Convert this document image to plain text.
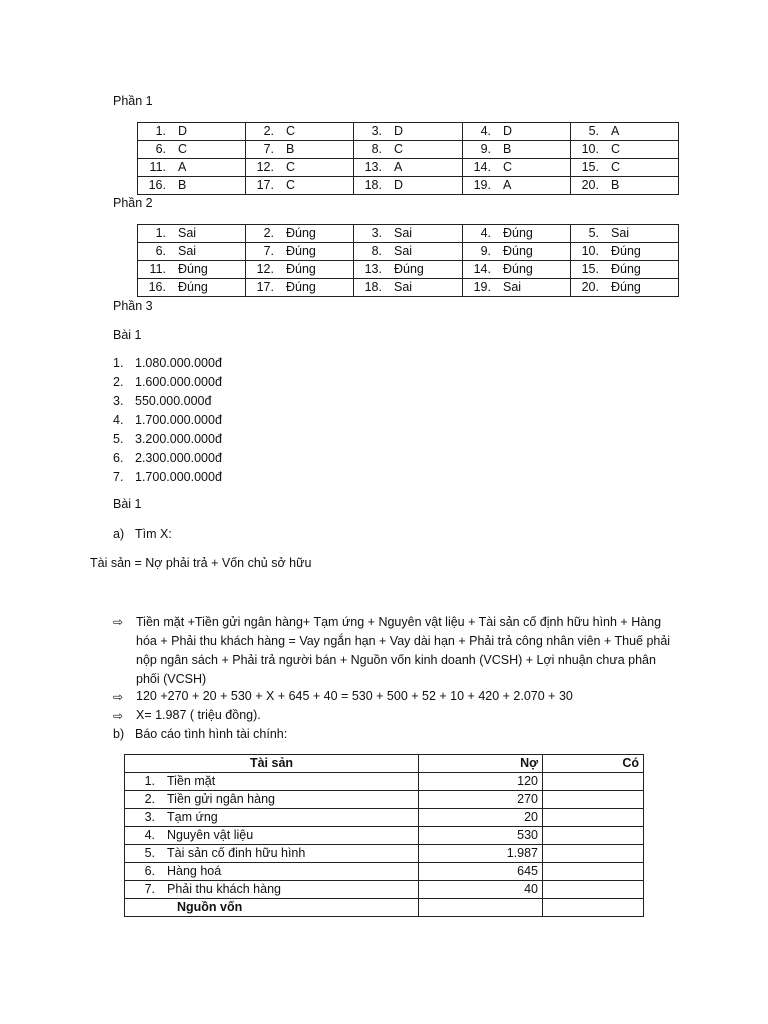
Phần 1
1. D	2. C	3. D	4. D	5. A
6. C	7. B	8. C	9. B	10. C
11. A	12. C	13. A	14. C	15. C
16. B	17. C	18. D	19. A	20. B
Phần 2
1. Sai	2. Đúng	3. Sai	4. Đúng	5. Sai
6. Sai	7. Đúng	8. Sai	9. Đúng	10. Đúng
11. Đúng	12. Đúng	13. Đúng	14. Đúng	15. Đúng
16. Đúng	17. Đúng	18. Sai	19. Sai	20. Đúng
Phần 3
Bài 1
1. 1.080.000.000đ
2. 1.600.000.000đ
3. 550.000.000đ
4. 1.700.000.000đ
5. 3.200.000.000đ
6. 2.300.000.000đ
7. 1.700.000.000đ
Bài 1
a) Tìm X:
Tài sản = Nợ phải trả + Vốn chủ sở hữu
⇨ Tiền mặt +Tiền gửi ngân hàng+ Tạm ứng + Nguyên vật liệu + Tài sản cố định hữu hình + Hàng hóa + Phải thu khách hàng = Vay ngắn hạn + Vay dài hạn + Phải trả công nhân viên + Thuế phải nộp ngân sách + Phải trả người bán + Nguồn vốn kinh doanh (VCSH) + Lợi nhuận chưa phân phối (VCSH)
⇨ 120 +270 + 20 + 530 + X + 645 + 40 = 530 + 500 + 52 + 10 + 420 + 2.070 + 30
⇨ X= 1.987 ( triệu đồng).
b) Báo cáo tình hình tài chính:
Tài sản	Nợ	Có
1. Tiền mặt	120	
2. Tiền gửi ngân hàng	270	
3. Tạm ứng	20	
4. Nguyên vật liệu	530	
5. Tài sản cố đinh hữu hình	1.987	
6. Hàng hoá	645	
7. Phải thu khách hàng	40	
Nguồn vốn		
